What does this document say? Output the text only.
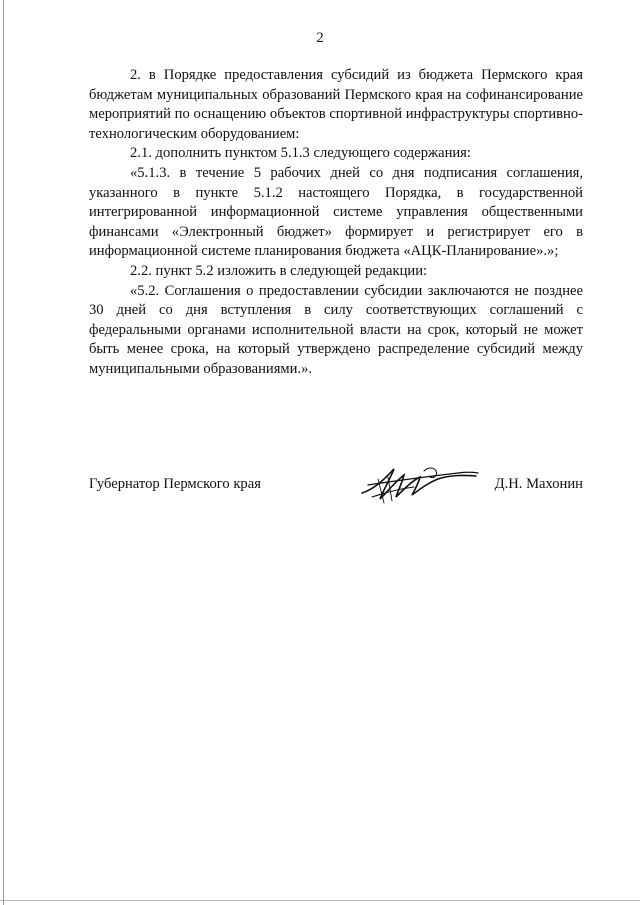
2

2. в Порядке предоставления субсидий из бюджета Пермского края бюджетам муниципальных образований Пермского края на софинансирование мероприятий по оснащению объектов спортивной инфраструктуры спортивно-технологическим оборудованием:

2.1. дополнить пунктом 5.1.3 следующего содержания:

«5.1.3. в течение 5 рабочих дней со дня подписания соглашения, указанного в пункте 5.1.2 настоящего Порядка, в государственной интегрированной информационной системе управления общественными финансами «Электронный бюджет» формирует и регистрирует его в информационной системе планирования бюджета «АЦК-Планирование».»;

2.2. пункт 5.2 изложить в следующей редакции:

«5.2. Соглашения о предоставлении субсидии заключаются не позднее 30 дней со дня вступления в силу соответствующих соглашений с федеральными органами исполнительной власти на срок, который не может быть менее срока, на который утверждено распределение субсидий между муниципальными образованиями.».

Губернатор Пермского края	Д.Н. Махонин
